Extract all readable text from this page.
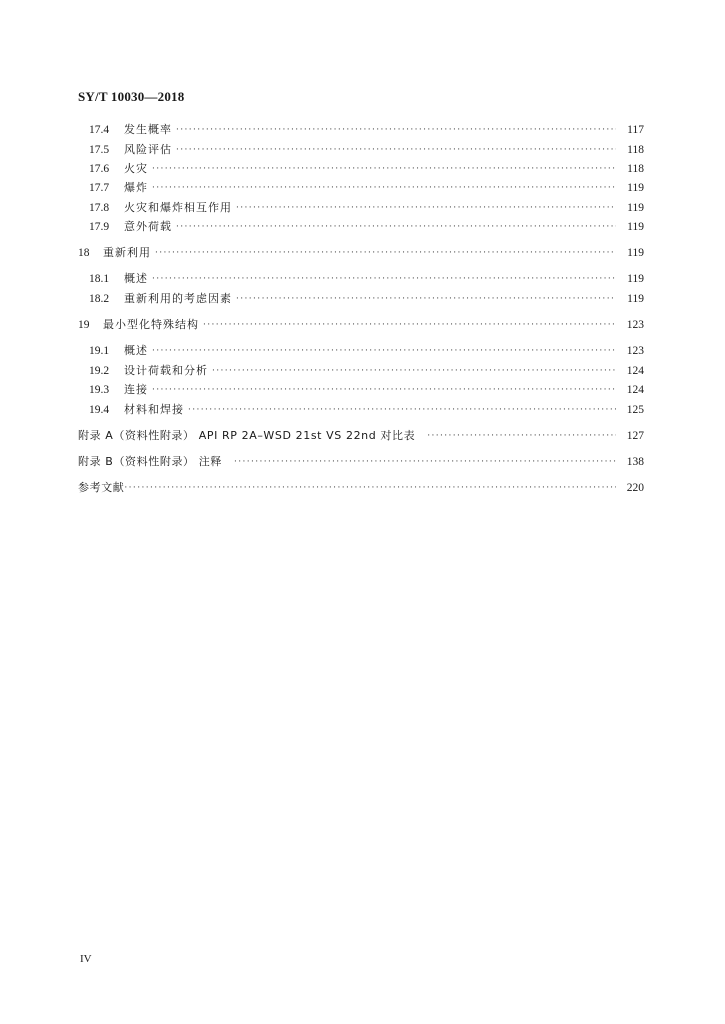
SY/T 10030—2018
17.4	发生概率 ·····	117
17.5	风险评估 ·····	118
17.6	火灾 ·····	118
17.7	爆炸 ·····	119
17.8	火灾和爆炸相互作用 ·····	119
17.9	意外荷载 ·····	119
18	重新利用 ·····	119
18.1	概述 ·····	119
18.2	重新利用的考虑因素 ·····	119
19	最小型化特殊结构 ·····	123
19.1	概述 ·····	123
19.2	设计荷载和分析 ·····	124
19.3	连接 ·····	124
19.4	材料和焊接 ·····	125
附录 A（资料性附录） API RP 2A–WSD 21st VS 22nd 对比表 ·····	127
附录 B（资料性附录） 注释 ·····	138
参考文献 ·····	220
IV
